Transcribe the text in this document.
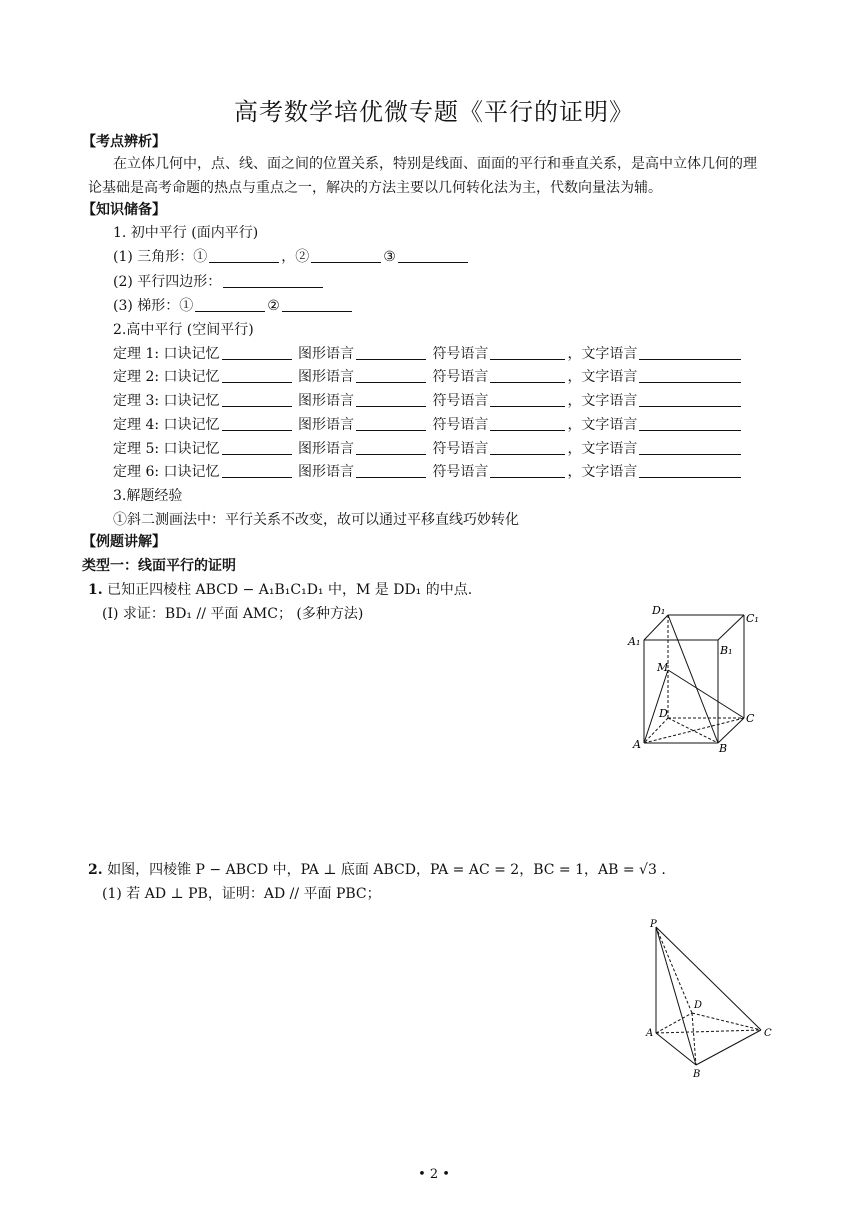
高考数学培优微专题《平行的证明》
【考点辨析】
在立体几何中，点、线、面之间的位置关系，特别是线面、面面的平行和垂直关系，是高中立体几何的理
论基础是高考命题的热点与重点之一，解决的方法主要以几何转化法为主，代数向量法为辅。
【知识储备】
1. 初中平行 (面内平行)
(1) 三角形：①	，②	③
(2) 平行四边形：
(3) 梯形：①	②
2.高中平行 (空间平行)
定理 1: 口诀记忆	图形语言	符号语言	，文字语言
定理 2: 口诀记忆	图形语言	符号语言	，文字语言
定理 3: 口诀记忆	图形语言	符号语言	，文字语言
定理 4: 口诀记忆	图形语言	符号语言	，文字语言
定理 5: 口诀记忆	图形语言	符号语言	，文字语言
定理 6: 口诀记忆	图形语言	符号语言	，文字语言
3.解题经验
①斜二测画法中：平行关系不改变，故可以通过平移直线巧妙转化
【例题讲解】
类型一：线面平行的证明
1. 已知正四棱柱 ABCD − A₁B₁C₁D₁ 中，M 是 DD₁ 的中点.
(Ⅰ) 求证：BD₁ // 平面 AMC； (多种方法)	D₁
C₁
A₁
B₁
M
D	C
A	B
2. 如图，四棱锥 P − ABCD 中，PA ⊥ 底面 ABCD，PA = AC = 2，BC = 1，AB = √3 .
(1) 若 AD ⊥ PB，证明：AD // 平面 PBC；
P
D
A	C
B
• 2 •
